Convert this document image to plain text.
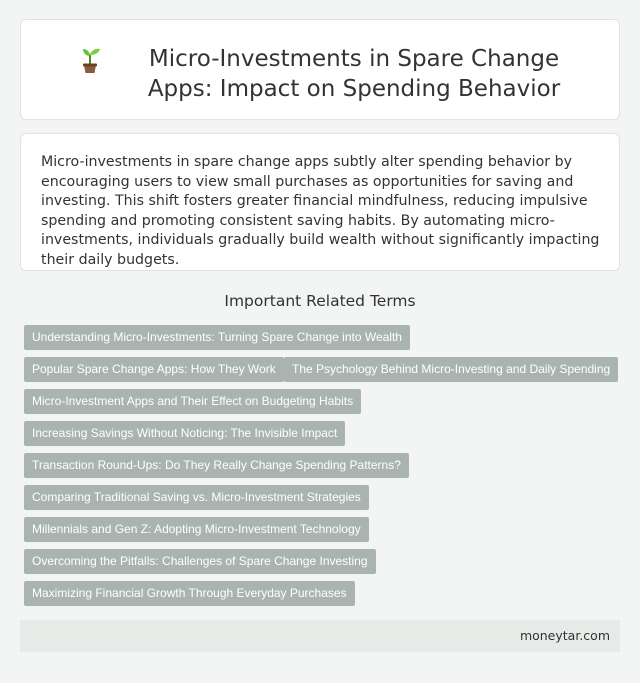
Micro-Investments in Spare Change Apps: Impact on Spending Behavior

Micro-investments in spare change apps subtly alter spending behavior by encouraging users to view small purchases as opportunities for saving and investing. This shift fosters greater financial mindfulness, reducing impulsive spending and promoting consistent saving habits. By automating micro-investments, individuals gradually build wealth without significantly impacting their daily budgets.

Important Related Terms
Understanding Micro-Investments: Turning Spare Change into Wealth
Popular Spare Change Apps: How They Work	The Psychology Behind Micro-Investing and Daily Spending
Micro-Investment Apps and Their Effect on Budgeting Habits
Increasing Savings Without Noticing: The Invisible Impact
Transaction Round-Ups: Do They Really Change Spending Patterns?
Comparing Traditional Saving vs. Micro-Investment Strategies
Millennials and Gen Z: Adopting Micro-Investment Technology
Overcoming the Pitfalls: Challenges of Spare Change Investing
Maximizing Financial Growth Through Everyday Purchases
moneytar.com
